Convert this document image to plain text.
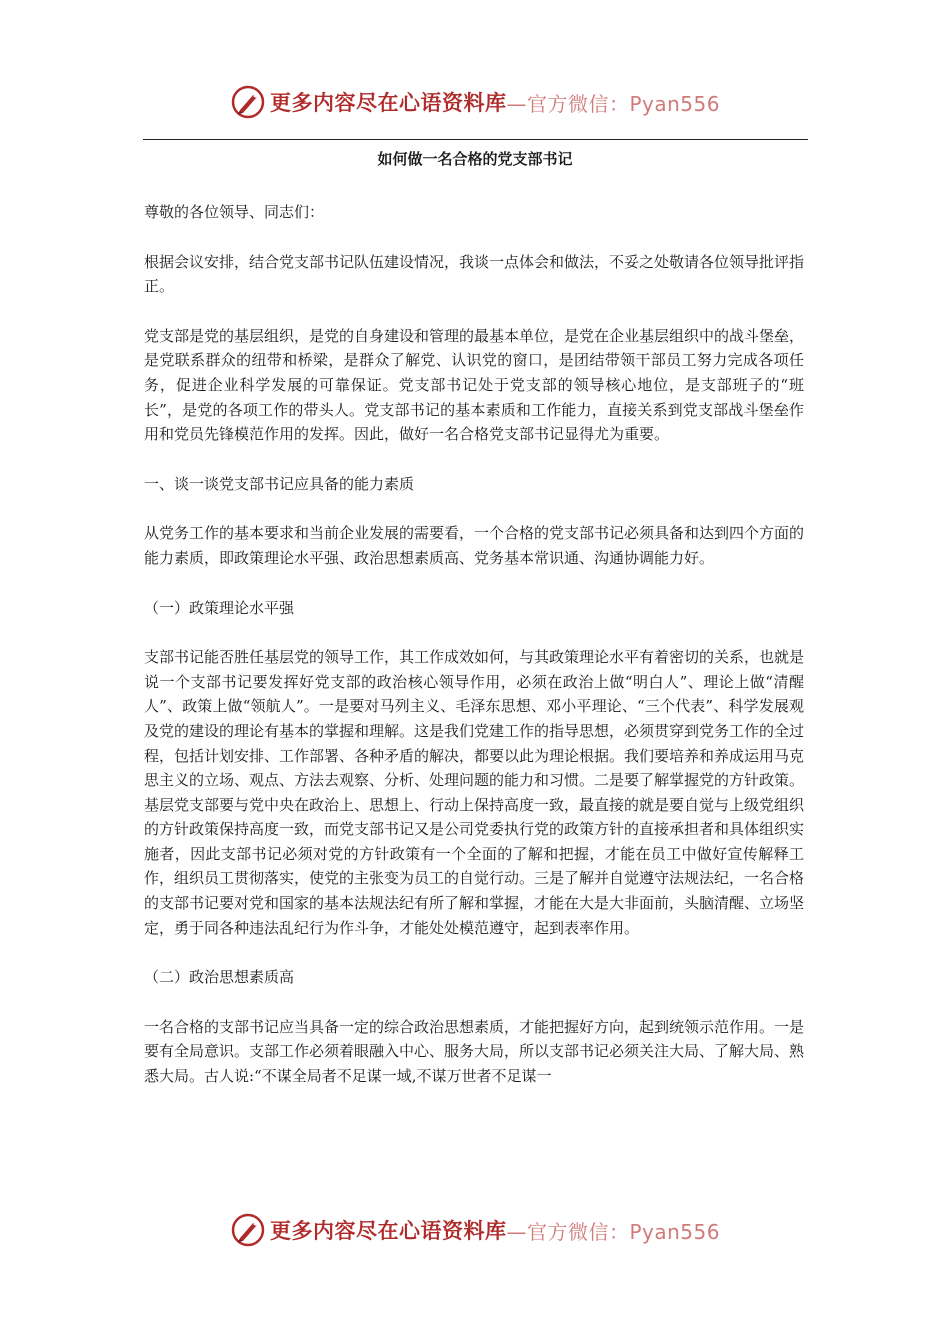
更多内容尽在心语资料库 —官方微信：Pyan556
如何做一名合格的党支部书记

尊敬的各位领导、同志们：

根据会议安排，结合党支部书记队伍建设情况，我谈一点体会和做法，不妥之处敬请各位领导批评指正。

党支部是党的基层组织，是党的自身建设和管理的最基本单位，是党在企业基层组织中的战斗堡垒，是党联系群众的纽带和桥梁，是群众了解党、认识党的窗口，是团结带领干部员工努力完成各项任务，促进企业科学发展的可靠保证。党支部书记处于党支部的领导核心地位，是支部班子的“班长”，是党的各项工作的带头人。党支部书记的基本素质和工作能力，直接关系到党支部战斗堡垒作用和党员先锋模范作用的发挥。因此，做好一名合格党支部书记显得尤为重要。

一、谈一谈党支部书记应具备的能力素质

从党务工作的基本要求和当前企业发展的需要看，一个合格的党支部书记必须具备和达到四个方面的能力素质，即政策理论水平强、政治思想素质高、党务基本常识通、沟通协调能力好。

（一）政策理论水平强

支部书记能否胜任基层党的领导工作，其工作成效如何，与其政策理论水平有着密切的关系，也就是说一个支部书记要发挥好党支部的政治核心领导作用，必须在政治上做“明白人”、理论上做“清醒人”、政策上做“领航人”。一是要对马列主义、毛泽东思想、邓小平理论、“三个代表”、科学发展观及党的建设的理论有基本的掌握和理解。这是我们党建工作的指导思想，必须贯穿到党务工作的全过程，包括计划安排、工作部署、各种矛盾的解决，都要以此为理论根据。我们要培养和养成运用马克思主义的立场、观点、方法去观察、分析、处理问题的能力和习惯。二是要了解掌握党的方针政策。基层党支部要与党中央在政治上、思想上、行动上保持高度一致，最直接的就是要自觉与上级党组织的方针政策保持高度一致，而党支部书记又是公司党委执行党的政策方针的直接承担者和具体组织实施者，因此支部书记必须对党的方针政策有一个全面的了解和把握，才能在员工中做好宣传解释工作，组织员工贯彻落实，使党的主张变为员工的自觉行动。三是了解并自觉遵守法规法纪，一名合格的支部书记要对党和国家的基本法规法纪有所了解和掌握，才能在大是大非面前，头脑清醒、立场坚定，勇于同各种违法乱纪行为作斗争，才能处处模范遵守，起到表率作用。

（二）政治思想素质高

一名合格的支部书记应当具备一定的综合政治思想素质，才能把握好方向，起到统领示范作用。一是要有全局意识。支部工作必须着眼融入中心、服务大局，所以支部书记必须关注大局、了解大局、熟悉大局。古人说:“不谋全局者不足谋一域,不谋万世者不足谋一

更多内容尽在心语资料库 —官方微信：Pyan556
